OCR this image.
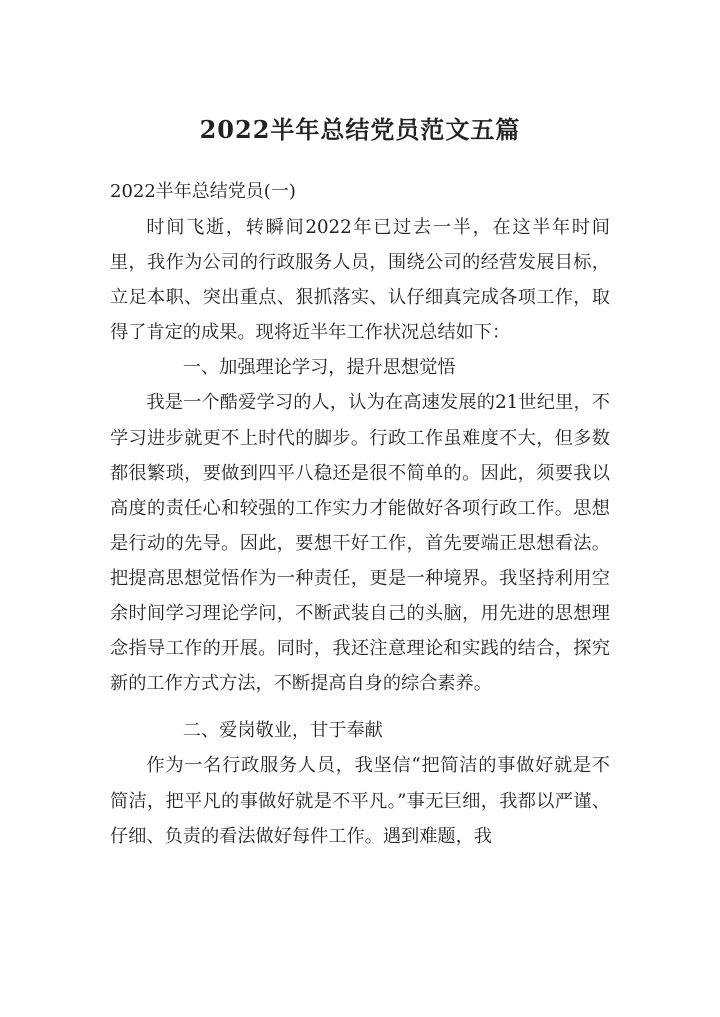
2022半年总结党员范文五篇
2022半年总结党员(一)

时间飞逝，转瞬间2022年已过去一半，在这半年时间里，我作为公司的行政服务人员，围绕公司的经营发展目标，立足本职、突出重点、狠抓落实、认仔细真完成各项工作，取得了肯定的成果。现将近半年工作状况总结如下：

一、加强理论学习，提升思想觉悟

我是一个酷爱学习的人，认为在高速发展的21世纪里，不学习进步就更不上时代的脚步。行政工作虽难度不大，但多数都很繁琐，要做到四平八稳还是很不简单的。因此，须要我以高度的责任心和较强的工作实力才能做好各项行政工作。思想是行动的先导。因此，要想干好工作，首先要端正思想看法。把提高思想觉悟作为一种责任，更是一种境界。我坚持利用空余时间学习理论学问，不断武装自己的头脑，用先进的思想理念指导工作的开展。同时，我还注意理论和实践的结合，探究新的工作方式方法，不断提高自身的综合素养。

二、爱岗敬业，甘于奉献

作为一名行政服务人员，我坚信“把简洁的事做好就是不简洁，把平凡的事做好就是不平凡。”事无巨细，我都以严谨、仔细、负责的看法做好每件工作。遇到难题，我
